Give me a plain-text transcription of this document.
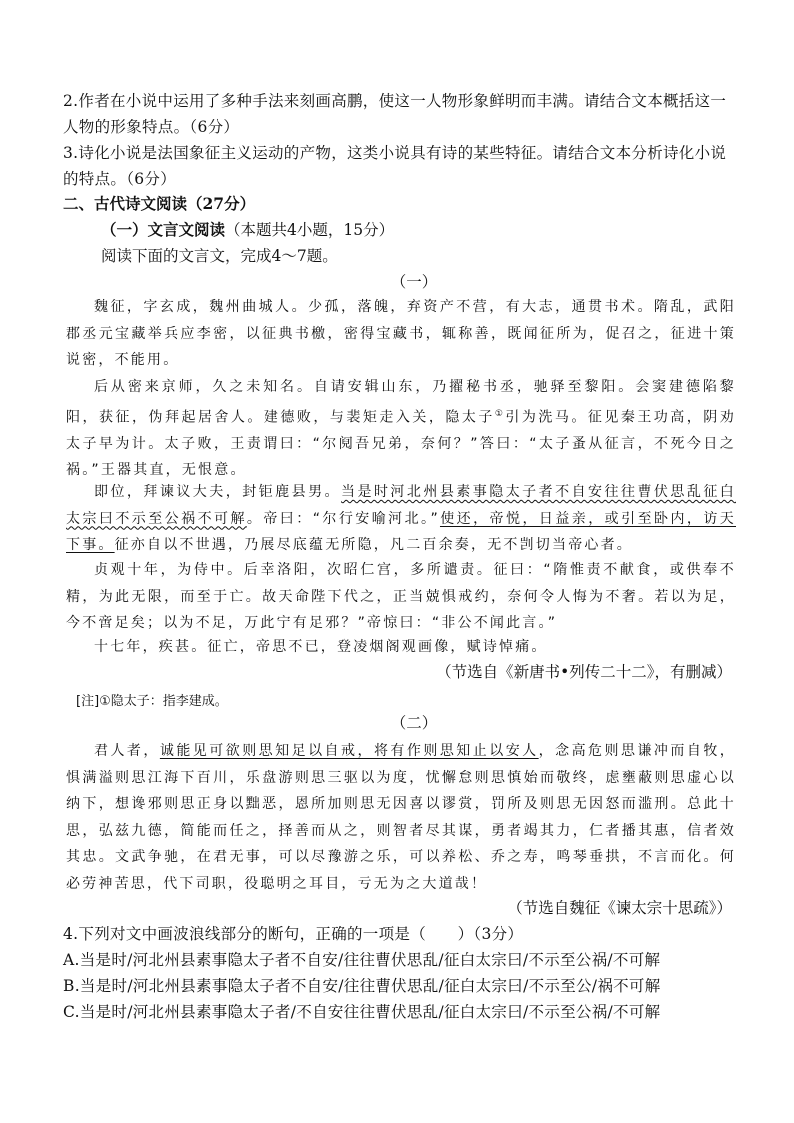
2.作者在小说中运用了多种手法来刻画高鹏，使这一人物形象鲜明而丰满。请结合文本概括这一人物的形象特点。（6分）
3.诗化小说是法国象征主义运动的产物，这类小说具有诗的某些特征。请结合文本分析诗化小说的特点。（6分）
二、古代诗文阅读（27分）
（一）文言文阅读（本题共4小题，15分）
阅读下面的文言文，完成4～7题。
（一）
魏征，字玄成，魏州曲城人。少孤，落魄，弃资产不营，有大志，通贯书术。隋乱，武阳郡丞元宝藏举兵应李密，以征典书檄，密得宝藏书，辄称善，既闻征所为，促召之，征进十策说密，不能用。
后从密来京师，久之未知名。自请安辑山东，乃擢秘书丞，驰驿至黎阳。会窦建德陷黎阳，获征，伪拜起居舍人。建德败，与裴矩走入关，隐太子①引为洗马。征见秦王功高，阴劝太子早为计。太子败，王责谓曰：“尔阋吾兄弟，奈何？”答曰：“太子蚤从征言，不死今日之祸。”王器其直，无恨意。
即位，拜谏议大夫，封钜鹿县男。当是时河北州县素事隐太子者不自安往往曹伏思乱征白太宗曰不示至公祸不可解。帝曰：“尔行安喻河北。”使还，帝悦，日益亲，或引至卧内，访天下事。征亦自以不世遇，乃展尽底蕴无所隐，凡二百余奏，无不剀切当帝心者。
贞观十年，为侍中。后幸洛阳，次昭仁宫，多所谴责。征曰：“隋惟责不献食，或供奉不精，为此无限，而至于亡。故天命陛下代之，正当兢惧戒约，奈何令人悔为不奢。若以为足，今不啻足矣；以为不足，万此宁有足邪？”帝惊曰：“非公不闻此言。”
十七年，疾甚。征亡，帝思不已，登凌烟阁观画像，赋诗悼痛。
（节选自《新唐书•列传二十二》，有删减）
[注]①隐太子：指李建成。
（二）
君人者，诚能见可欲则思知足以自戒，将有作则思知止以安人，念高危则思谦冲而自牧，惧满溢则思江海下百川，乐盘游则思三驱以为度，忧懈怠则思慎始而敬终，虑壅蔽则思虚心以纳下，想谗邪则思正身以黜恶，恩所加则思无因喜以谬赏，罚所及则思无因怒而滥刑。总此十思，弘兹九德，简能而任之，择善而从之，则智者尽其谋，勇者竭其力，仁者播其惠，信者效其忠。文武争驰，在君无事，可以尽豫游之乐，可以养松、乔之寿，鸣琴垂拱，不言而化。何必劳神苦思，代下司职，役聪明之耳目，亏无为之大道哉！
（节选自魏征《谏太宗十思疏》）
4.下列对文中画波浪线部分的断句，正确的一项是（　　）（3分）
A.当是时/河北州县素事隐太子者不自安/往往曹伏思乱/征白太宗曰/不示至公祸/不可解
B.当是时/河北州县素事隐太子者不自安/往往曹伏思乱/征白太宗曰/不示至公/祸不可解
C.当是时/河北州县素事隐太子者/不自安往往曹伏思乱/征白太宗曰/不示至公祸/不可解
